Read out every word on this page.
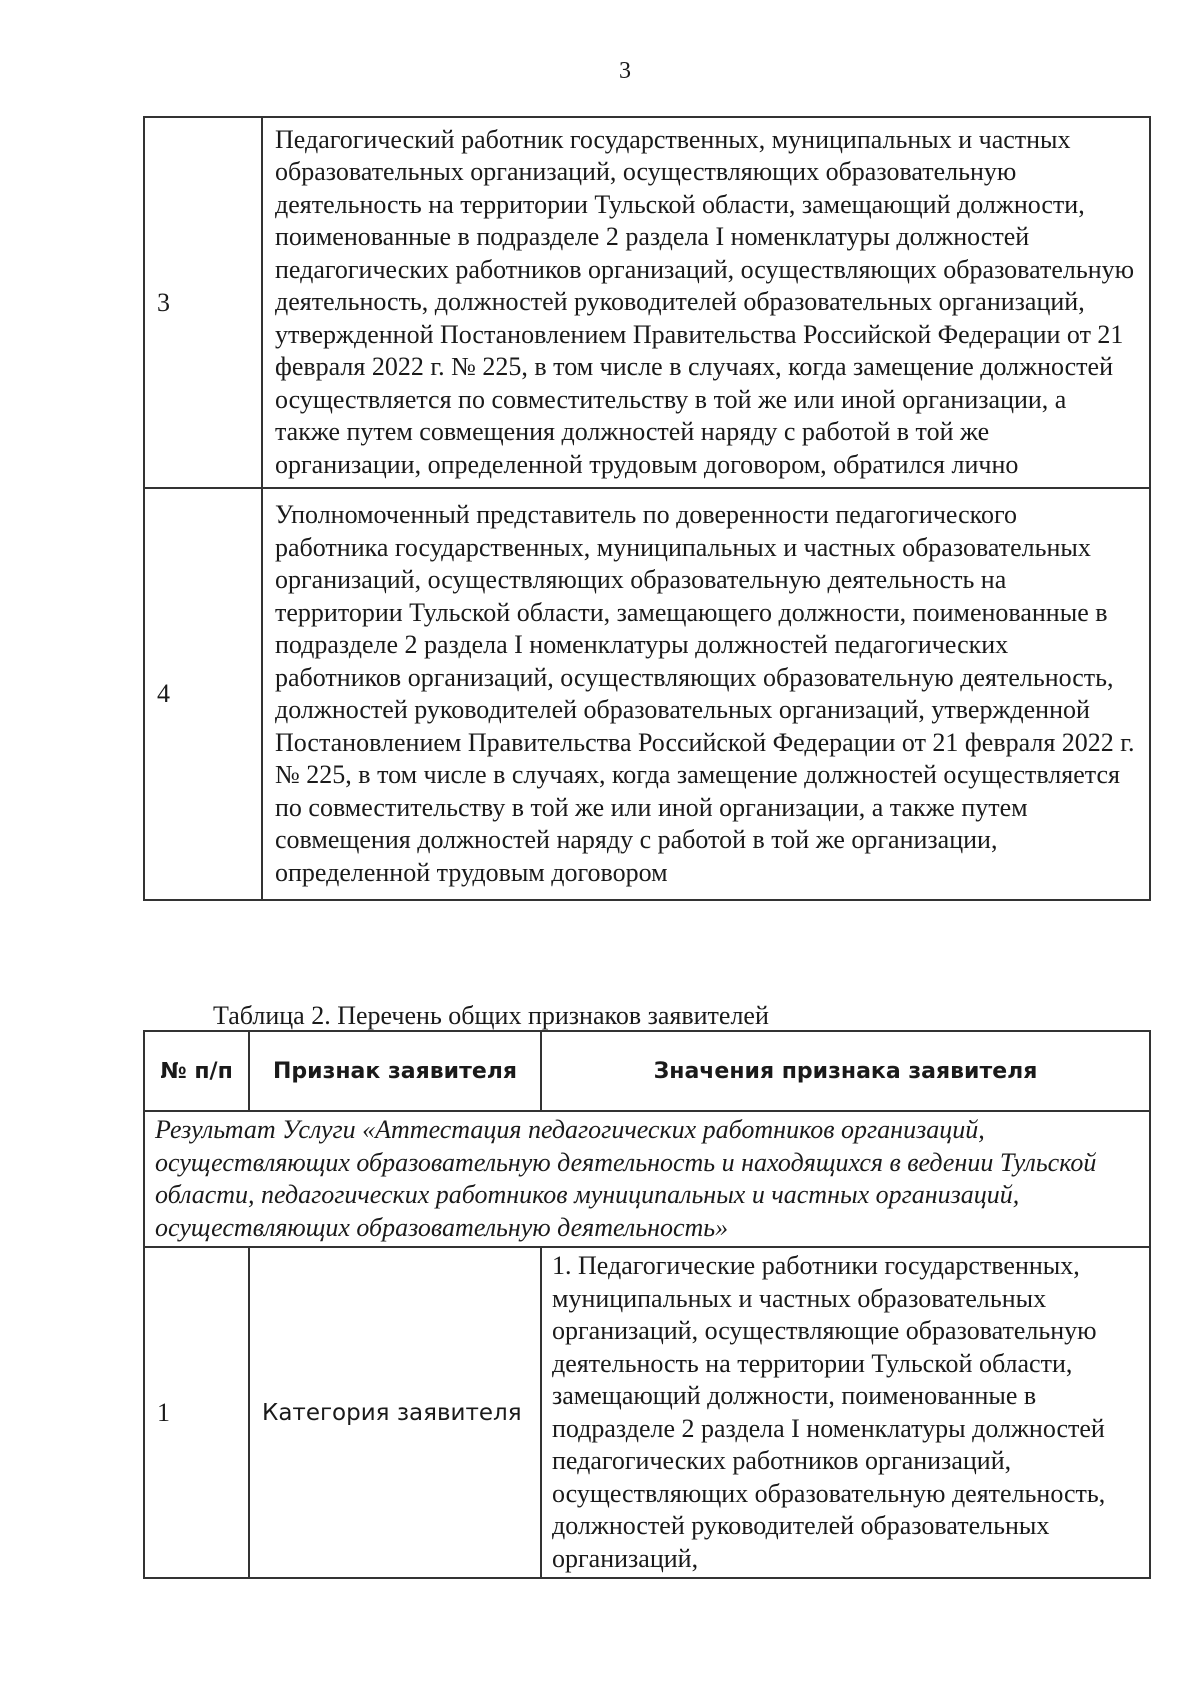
3
3	Педагогический работник государственных, муниципальных и частных образовательных организаций, осуществляющих образовательную деятельность на территории Тульской области, замещающий должности, поименованные в подразделе 2 раздела I номенклатуры должностей педагогических работников организаций, осуществляющих образовательную деятельность, должностей руководителей образовательных организаций, утвержденной Постановлением Правительства Российской Федерации от 21 февраля 2022 г. № 225, в том числе в случаях, когда замещение должностей осуществляется по совместительству в той же или иной организации, а также путем совмещения должностей наряду с работой в той же организации, определенной трудовым договором, обратился лично
4	Уполномоченный представитель по доверенности педагогического работника государственных, муниципальных и частных образовательных организаций, осуществляющих образовательную деятельность на территории Тульской области, замещающего должности, поименованные в подразделе 2 раздела I номенклатуры должностей педагогических работников организаций, осуществляющих образовательную деятельность, должностей руководителей образовательных организаций, утвержденной Постановлением Правительства Российской Федерации от 21 февраля 2022 г. № 225, в том числе в случаях, когда замещение должностей осуществляется по совместительству в той же или иной организации, а также путем совмещения должностей наряду с работой в той же организации, определенной трудовым договором
Таблица 2. Перечень общих признаков заявителей
№ п/п	Признак заявителя	Значения признака заявителя
Результат Услуги «Аттестация педагогических работников организаций, осуществляющих образовательную деятельность и находящихся в ведении Тульской области, педагогических работников муниципальных и частных организаций, осуществляющих образовательную деятельность»		
1	Категория заявителя	1. Педагогические работники государственных, муниципальных и частных образовательных организаций, осуществляющие образовательную деятельность на территории Тульской области, замещающий должности, поименованные в подразделе 2 раздела I номенклатуры должностей педагогических работников организаций, осуществляющих образовательную деятельность, должностей руководителей образовательных организаций,
